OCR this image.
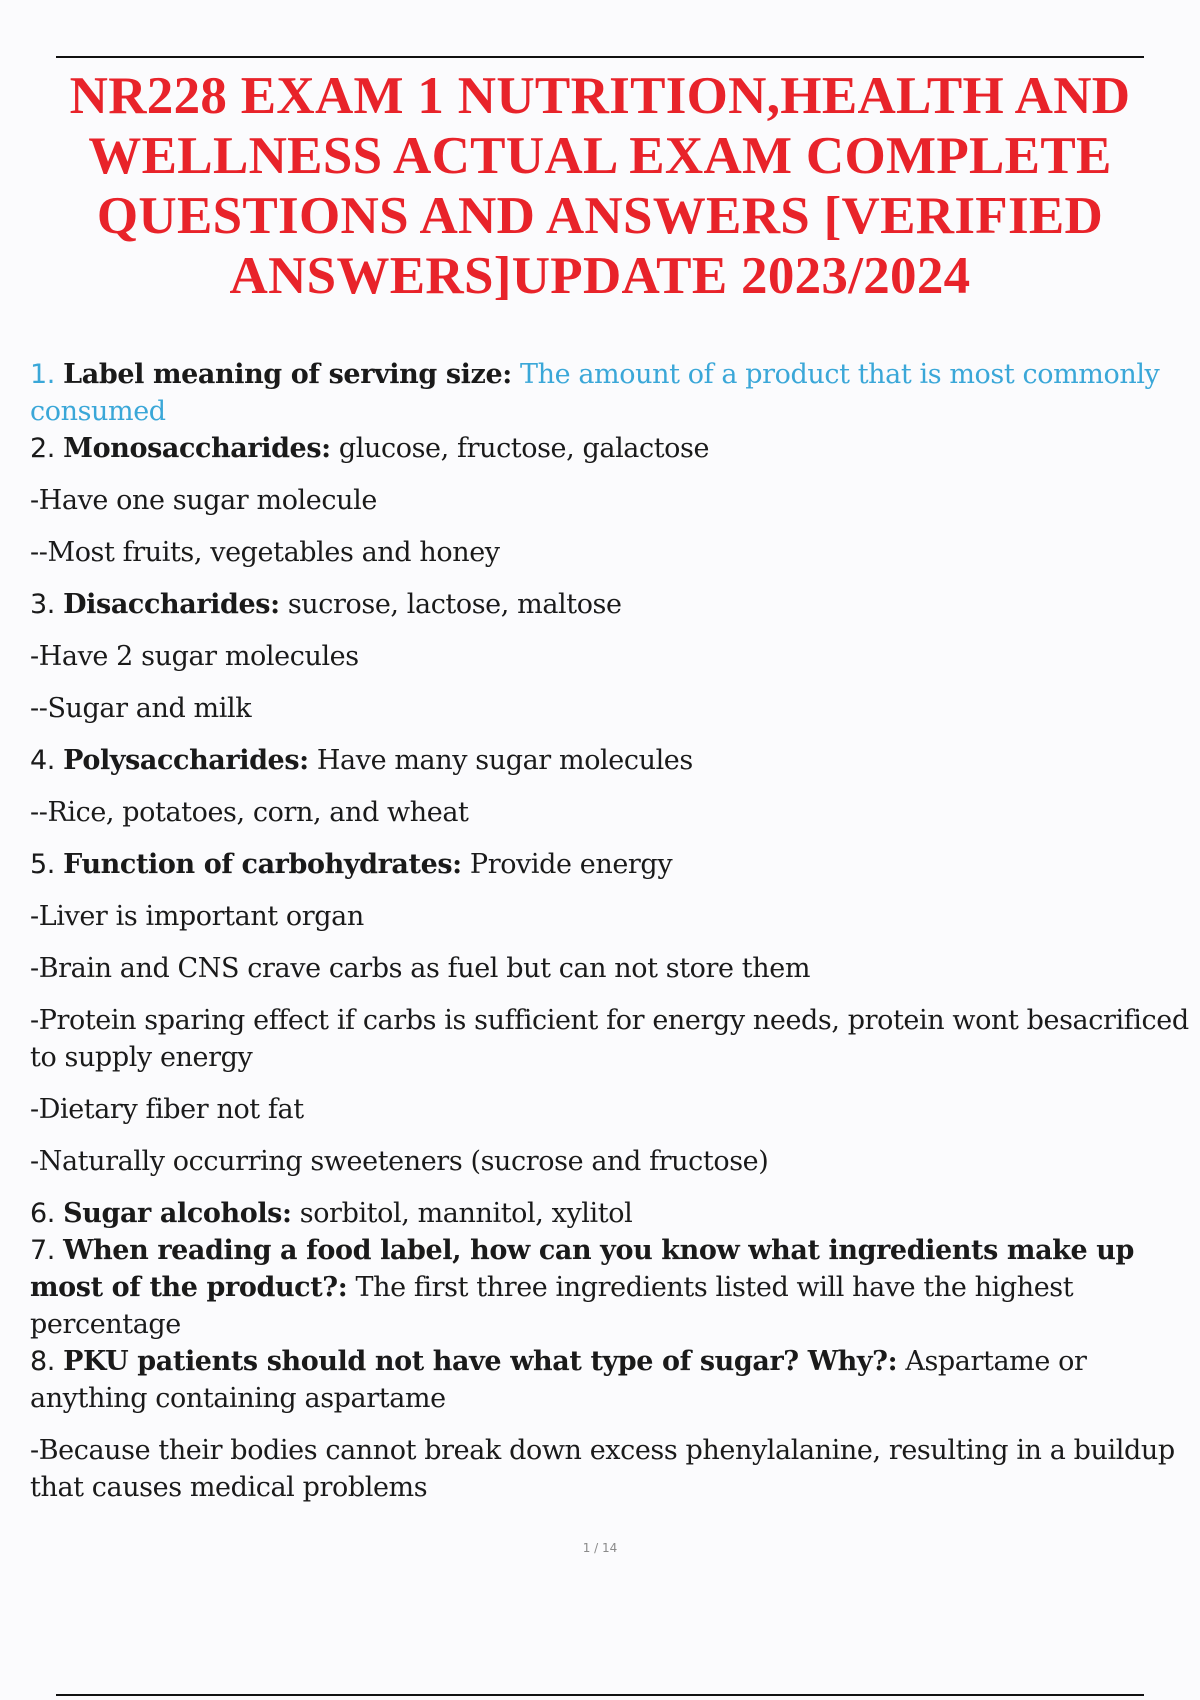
NR228 EXAM 1 NUTRITION,HEALTH AND WELLNESS ACTUAL EXAM COMPLETE QUESTIONS AND ANSWERS [VERIFIED ANSWERS]UPDATE 2023/2024

1. Label meaning of serving size: The amount of a product that is most commonly consumed

2. Monosaccharides: glucose, fructose, galactose

-Have one sugar molecule

--Most fruits, vegetables and honey

3. Disaccharides: sucrose, lactose, maltose

-Have 2 sugar molecules

--Sugar and milk

4. Polysaccharides: Have many sugar molecules

--Rice, potatoes, corn, and wheat

5. Function of carbohydrates: Provide energy

-Liver is important organ

-Brain and CNS crave carbs as fuel but can not store them

-Protein sparing effect if carbs is sufficient for energy needs, protein wont besacrificed
to supply energy

-Dietary fiber not fat

-Naturally occurring sweeteners (sucrose and fructose)

6. Sugar alcohols: sorbitol, mannitol, xylitol

7. When reading a food label, how can you know what ingredients make up most of the product?: The first three ingredients listed will have the highest percentage

8. PKU patients should not have what type of sugar? Why?: Aspartame or anything containing aspartame

-Because their bodies cannot break down excess phenylalanine, resulting in a buildup that causes medical problems

1 / 14
